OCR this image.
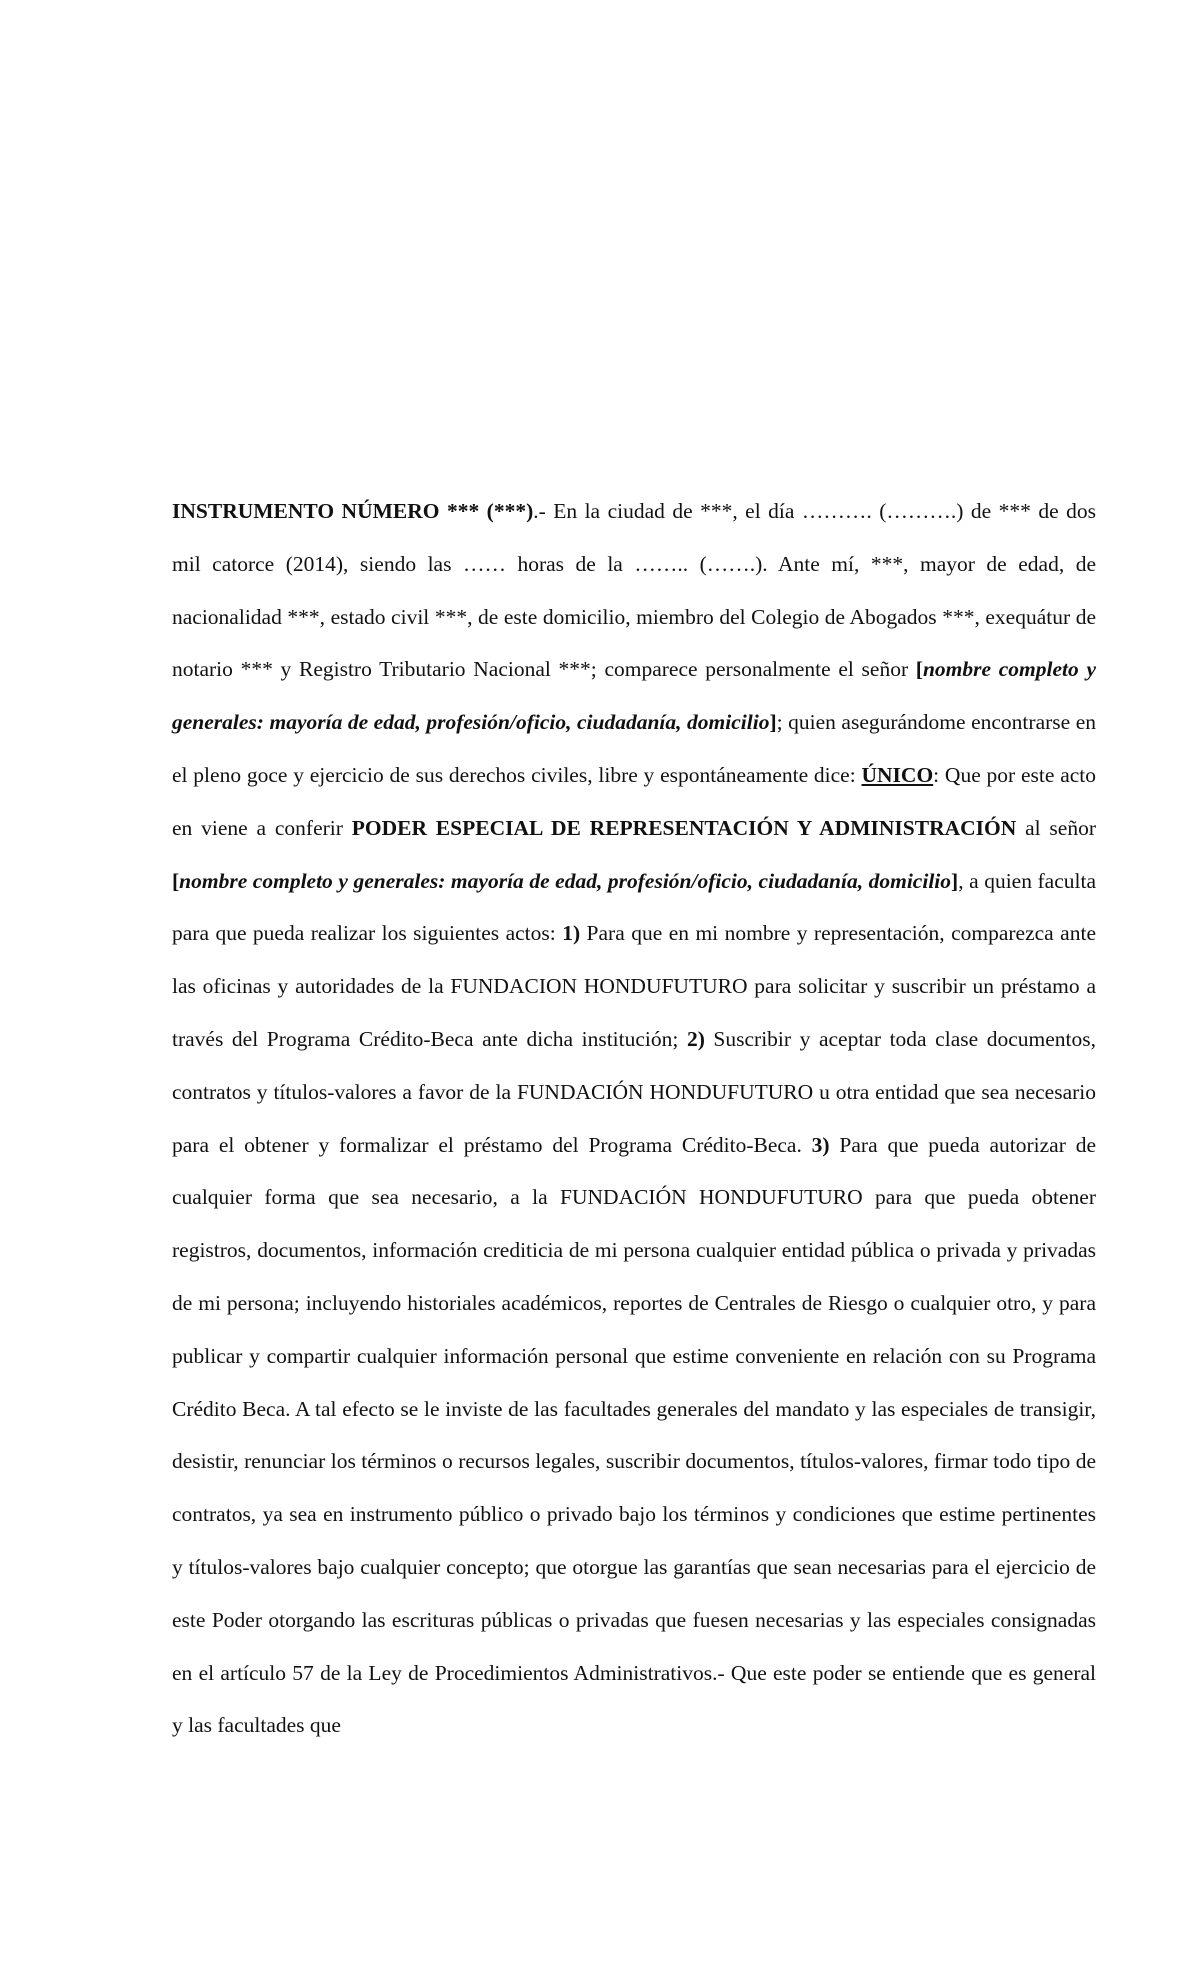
INSTRUMENTO NÚMERO *** (***).- En la ciudad de ***, el día ………. (……….) de *** de dos mil catorce (2014), siendo las …… horas de la …….. (…….). Ante mí, ***, mayor de edad, de nacionalidad ***, estado civil ***, de este domicilio, miembro del Colegio de Abogados ***, exequátur de notario *** y Registro Tributario Nacional ***; comparece personalmente el señor [nombre completo y generales: mayoría de edad, profesión/oficio, ciudadanía, domicilio]; quien asegurándome encontrarse en el pleno goce y ejercicio de sus derechos civiles, libre y espontáneamente dice: ÚNICO: Que por este acto en viene a conferir PODER ESPECIAL DE REPRESENTACIÓN Y ADMINISTRACIÓN al señor [nombre completo y generales: mayoría de edad, profesión/oficio, ciudadanía, domicilio], a quien faculta para que pueda realizar los siguientes actos: 1) Para que en mi nombre y representación, comparezca ante las oficinas y autoridades de la FUNDACION HONDUFUTURO para solicitar y suscribir un préstamo a través del Programa Crédito-Beca ante dicha institución; 2) Suscribir y aceptar toda clase documentos, contratos y títulos-valores a favor de la FUNDACIÓN HONDUFUTURO u otra entidad que sea necesario para el obtener y formalizar el préstamo del Programa Crédito-Beca. 3) Para que pueda autorizar de cualquier forma que sea necesario, a la FUNDACIÓN HONDUFUTURO para que pueda obtener registros, documentos, información crediticia de mi persona cualquier entidad pública o privada y privadas de mi persona; incluyendo historiales académicos, reportes de Centrales de Riesgo o cualquier otro, y para publicar y compartir cualquier información personal que estime conveniente en relación con su Programa Crédito Beca. A tal efecto se le inviste de las facultades generales del mandato y las especiales de transigir, desistir, renunciar los términos o recursos legales, suscribir documentos, títulos-valores, firmar todo tipo de contratos, ya sea en instrumento público o privado bajo los términos y condiciones que estime pertinentes y títulos-valores bajo cualquier concepto; que otorgue las garantías que sean necesarias para el ejercicio de este Poder otorgando las escrituras públicas o privadas que fuesen necesarias y las especiales consignadas en el artículo 57 de la Ley de Procedimientos Administrativos.- Que este poder se entiende que es general y las facultades que
